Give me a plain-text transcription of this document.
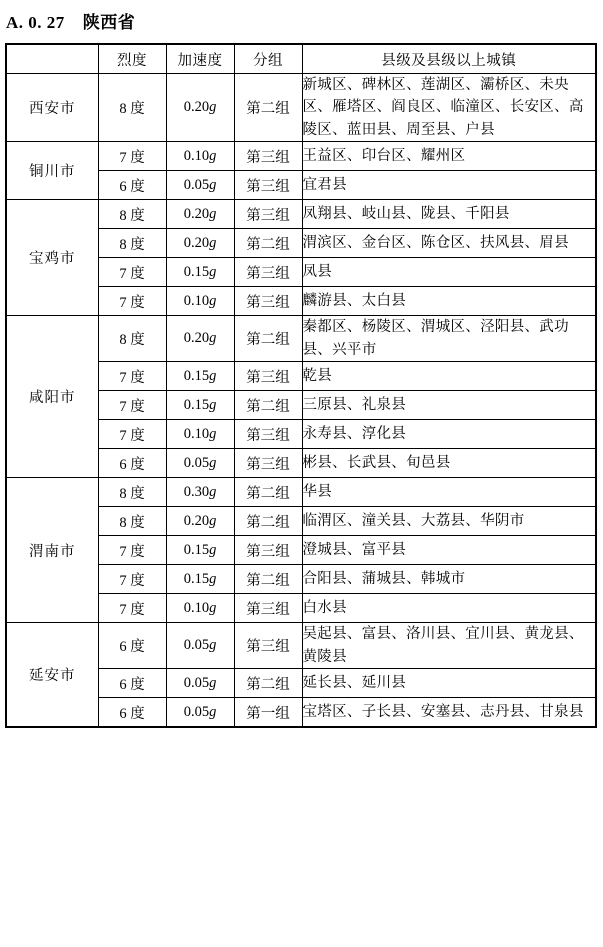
A. 0. 27 陕西省
	烈度	加速度	分组	县级及县级以上城镇
西安市	8 度	0.20g	第二组	新城区、碑林区、莲湖区、灞桥区、未央区、雁塔区、阎良区、临潼区、长安区、高陵区、蓝田县、周至县、户县
铜川市	7 度	0.10g	第三组	王益区、印台区、耀州区
	6 度	0.05g	第三组	宜君县
宝鸡市	8 度	0.20g	第三组	凤翔县、岐山县、陇县、千阳县
	8 度	0.20g	第二组	渭滨区、金台区、陈仓区、扶风县、眉县
	7 度	0.15g	第三组	凤县
	7 度	0.10g	第三组	麟游县、太白县
咸阳市	8 度	0.20g	第二组	秦都区、杨陵区、渭城区、泾阳县、武功县、兴平市
	7 度	0.15g	第三组	乾县
	7 度	0.15g	第二组	三原县、礼泉县
	7 度	0.10g	第三组	永寿县、淳化县
	6 度	0.05g	第三组	彬县、长武县、旬邑县
渭南市	8 度	0.30g	第二组	华县
	8 度	0.20g	第二组	临渭区、潼关县、大荔县、华阴市
	7 度	0.15g	第三组	澄城县、富平县
	7 度	0.15g	第二组	合阳县、蒲城县、韩城市
	7 度	0.10g	第三组	白水县
延安市	6 度	0.05g	第三组	吴起县、富县、洛川县、宜川县、黄龙县、黄陵县
	6 度	0.05g	第二组	延长县、延川县
	6 度	0.05g	第一组	宝塔区、子长县、安塞县、志丹县、甘泉县
